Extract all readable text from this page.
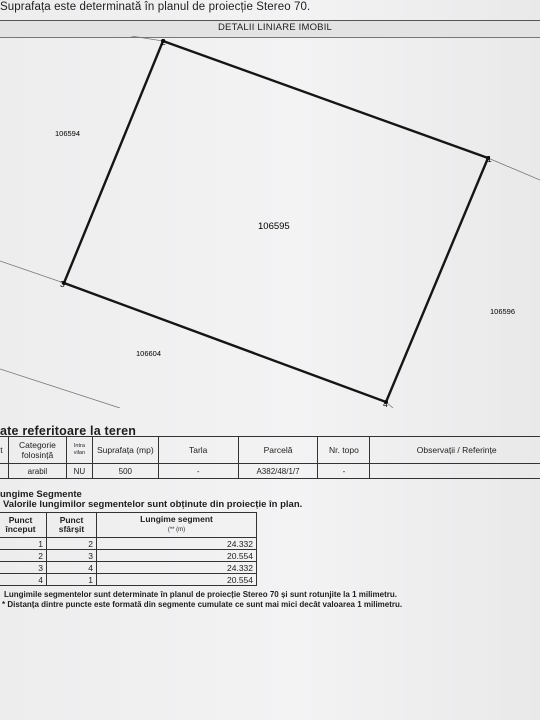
Suprafața este determinată în planul de proiecție Stereo 70.
DETALII LINIARE IMOBIL
2
1
3
4
106595
106594
106596
106604
ate referitoare la teren
t	Categorie folosință	Intra vilan	Suprafața (mp)	Tarla	Parcelă	Nr. topo	Observații / Referințe
	arabil	NU	500	-	A382/48/1/7	-	
ungime Segmente
Valorile lungimilor segmentelor sunt obținute din proiecție în plan.
Punct început	Punct sfârșit	Lungime segment
(** (m)
1	2	24.332
2	3	20.554
3	4	24.332
4	1	20.554
Lungimile segmentelor sunt determinate în planul de proiecție Stereo 70 și sunt rotunjite la 1 milimetru.
* Distanța dintre puncte este formată din segmente cumulate ce sunt mai mici decât valoarea 1 milimetru.
